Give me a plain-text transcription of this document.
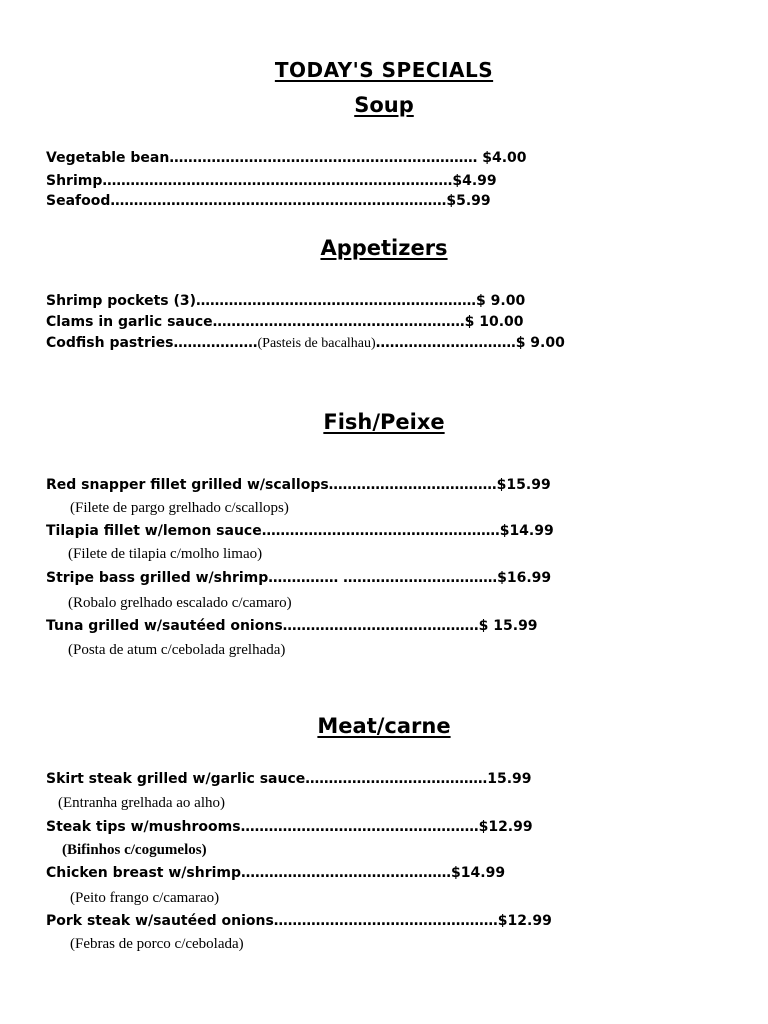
TODAY'S SPECIALS
Soup
Vegetable bean………………………………………………………… $4.00
Shrimp…………………………………………………………………$4.99
Seafood………………………………………………………………$5.99
Appetizers
Shrimp pockets (3)……………………………………………………$ 9.00
Clams in garlic sauce………………………………………………$ 10.00
Codfish pastries………………(Pasteis de bacalhau)…………………………$ 9.00
Fish/Peixe
Red snapper fillet grilled w/scallops………………………………$15.99
(Filete de pargo grelhado c/scallops)
Tilapia fillet w/lemon sauce……………………………………………$14.99
(Filete de tilapia c/molho limao)
Stripe bass grilled w/shrimp…………… ……………………………$16.99
(Robalo grelhado escalado c/camaro)
Tuna grilled w/sautéed onions……………………………………$ 15.99
(Posta de atum c/cebolada grelhada)
Meat/carne
Skirt steak grilled w/garlic sauce…………………………………15.99
(Entranha grelhada ao alho)
Steak tips w/mushrooms……………………………………………$12.99
(Bifinhos c/cogumelos)
Chicken breast w/shrimp………………………………………$14.99
(Peito frango c/camarao)
Pork steak w/sautéed onions…………………………………………$12.99
(Febras de porco c/cebolada)
